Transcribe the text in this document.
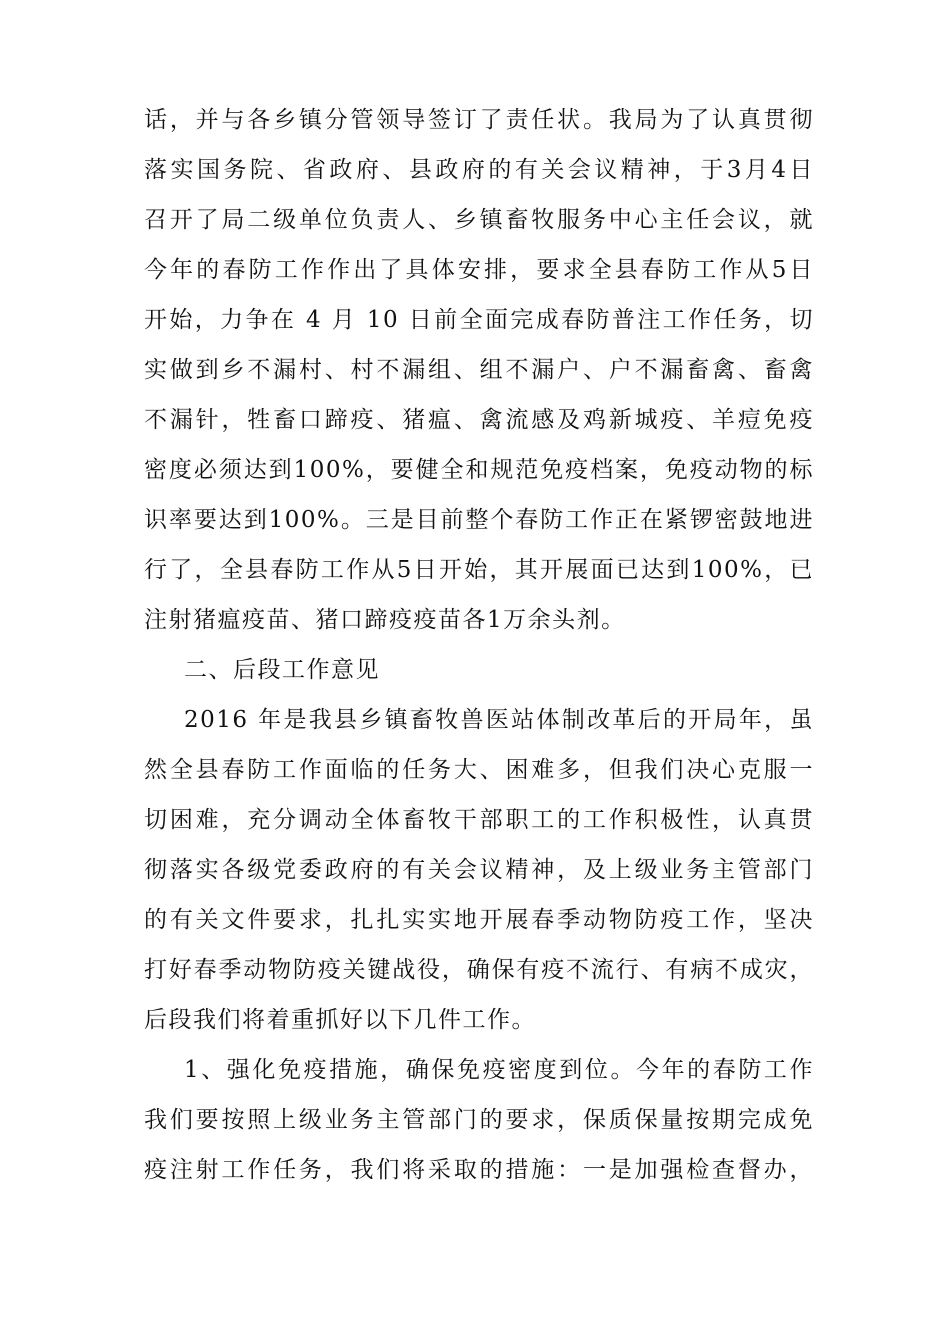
话，并与各乡镇分管领导签订了责任状。我局为了认真贯彻
落实国务院、省政府、县政府的有关会议精神，于3月4日
召开了局二级单位负责人、乡镇畜牧服务中心主任会议，就
今年的春防工作作出了具体安排，要求全县春防工作从5日
开始，力争在 4 月 10 日前全面完成春防普注工作任务，切
实做到乡不漏村、村不漏组、组不漏户、户不漏畜禽、畜禽
不漏针，牲畜口蹄疫、猪瘟、禽流感及鸡新城疫、羊痘免疫
密度必须达到100%，要健全和规范免疫档案，免疫动物的标
识率要达到100%。三是目前整个春防工作正在紧锣密鼓地进
行了，全县春防工作从5日开始，其开展面已达到100%，已
注射猪瘟疫苗、猪口蹄疫疫苗各1万余头剂。
二、后段工作意见
2016 年是我县乡镇畜牧兽医站体制改革后的开局年，虽
然全县春防工作面临的任务大、困难多，但我们决心克服一
切困难，充分调动全体畜牧干部职工的工作积极性，认真贯
彻落实各级党委政府的有关会议精神，及上级业务主管部门
的有关文件要求，扎扎实实地开展春季动物防疫工作，坚决
打好春季动物防疫关键战役，确保有疫不流行、有病不成灾，
后段我们将着重抓好以下几件工作。
1、强化免疫措施，确保免疫密度到位。今年的春防工作
我们要按照上级业务主管部门的要求，保质保量按期完成免
疫注射工作任务，我们将采取的措施：一是加强检查督办，
